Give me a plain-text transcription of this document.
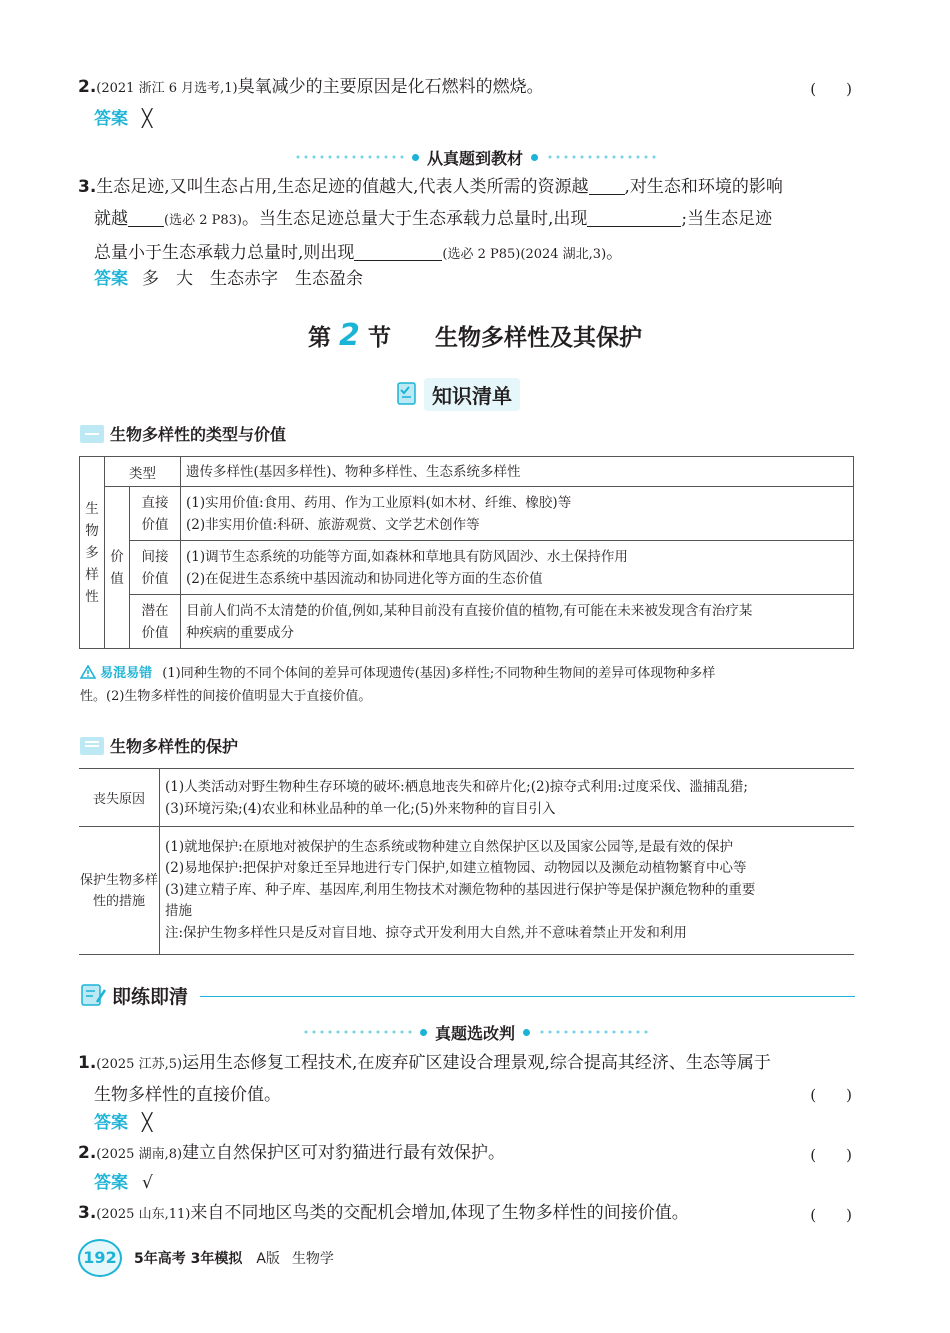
2.(2021 浙江 6 月选考,1)臭氧减少的主要原因是化石燃料的燃烧。	(　　)
答案 ╳
从真题到教材
3.生态足迹,又叫生态占用,生态足迹的值越大,代表人类所需的资源越 ,对生态和环境的影响
就越	(选必 2 P83)。当生态足迹总量大于生态承载力总量时,出现	;当生态足迹
总量小于生态承载力总量时,则出现	(选必 2 P85)(2024 湖北,3)。
答案 多　大　生态赤字　生态盈余
第 2 节 生物多样性及其保护
知识清单
生物多样性的类型与价值
生物多样性	类型		遗传多样性(基因多样性)、物种多样性、生态系统多样性

	价值	直接价值	(1)实用价值:食用、药用、作为工业原料(如木材、纤维、橡胶)等
(2)非实用价值:科研、旅游观赏、文学艺术创作等

		间接价值	(1)调节生态系统的功能等方面,如森林和草地具有防风固沙、水土保持作用
(2)在促进生态系统中基因流动和协同进化等方面的生态价值

		潜在价值	目前人们尚不太清楚的价值,例如,某种目前没有直接价值的植物,有可能在未来被发现含有治疗某
种疾病的重要成分
易混易错 (1)同种生物的不同个体间的差异可体现遗传(基因)多样性;不同物种生物间的差异可体现物种多样
性。(2)生物多样性的间接价值明显大于直接价值。
生物多样性的保护
丧失原因	(1)人类活动对野生物种生存环境的破坏:栖息地丧失和碎片化;(2)掠夺式利用:过度采伐、滥捕乱猎;
(3)环境污染;(4)农业和林业品种的单一化;(5)外来物种的盲目引入

保护生物多样性的措施	(1)就地保护:在原地对被保护的生态系统或物种建立自然保护区以及国家公园等,是最有效的保护
(2)易地保护:把保护对象迁至异地进行专门保护,如建立植物园、动物园以及濒危动植物繁育中心等
(3)建立精子库、种子库、基因库,利用生物技术对濒危物种的基因进行保护等是保护濒危物种的重要
措施
注:保护生物多样性只是反对盲目地、掠夺式开发利用大自然,并不意味着禁止开发和利用
即练即清
真题选改判
1.(2025 江苏,5)运用生态修复工程技术,在废弃矿区建设合理景观,综合提高其经济、生态等属于
生物多样性的直接价值。	(　　)
答案 ╳
2.(2025 湖南,8)建立自然保护区可对豹猫进行最有效保护。	(　　)
答案 √
3.(2025 山东,11)来自不同地区鸟类的交配机会增加,体现了生物多样性的间接价值。	(　　)
192	5年高考 3年模拟 A版 生物学
